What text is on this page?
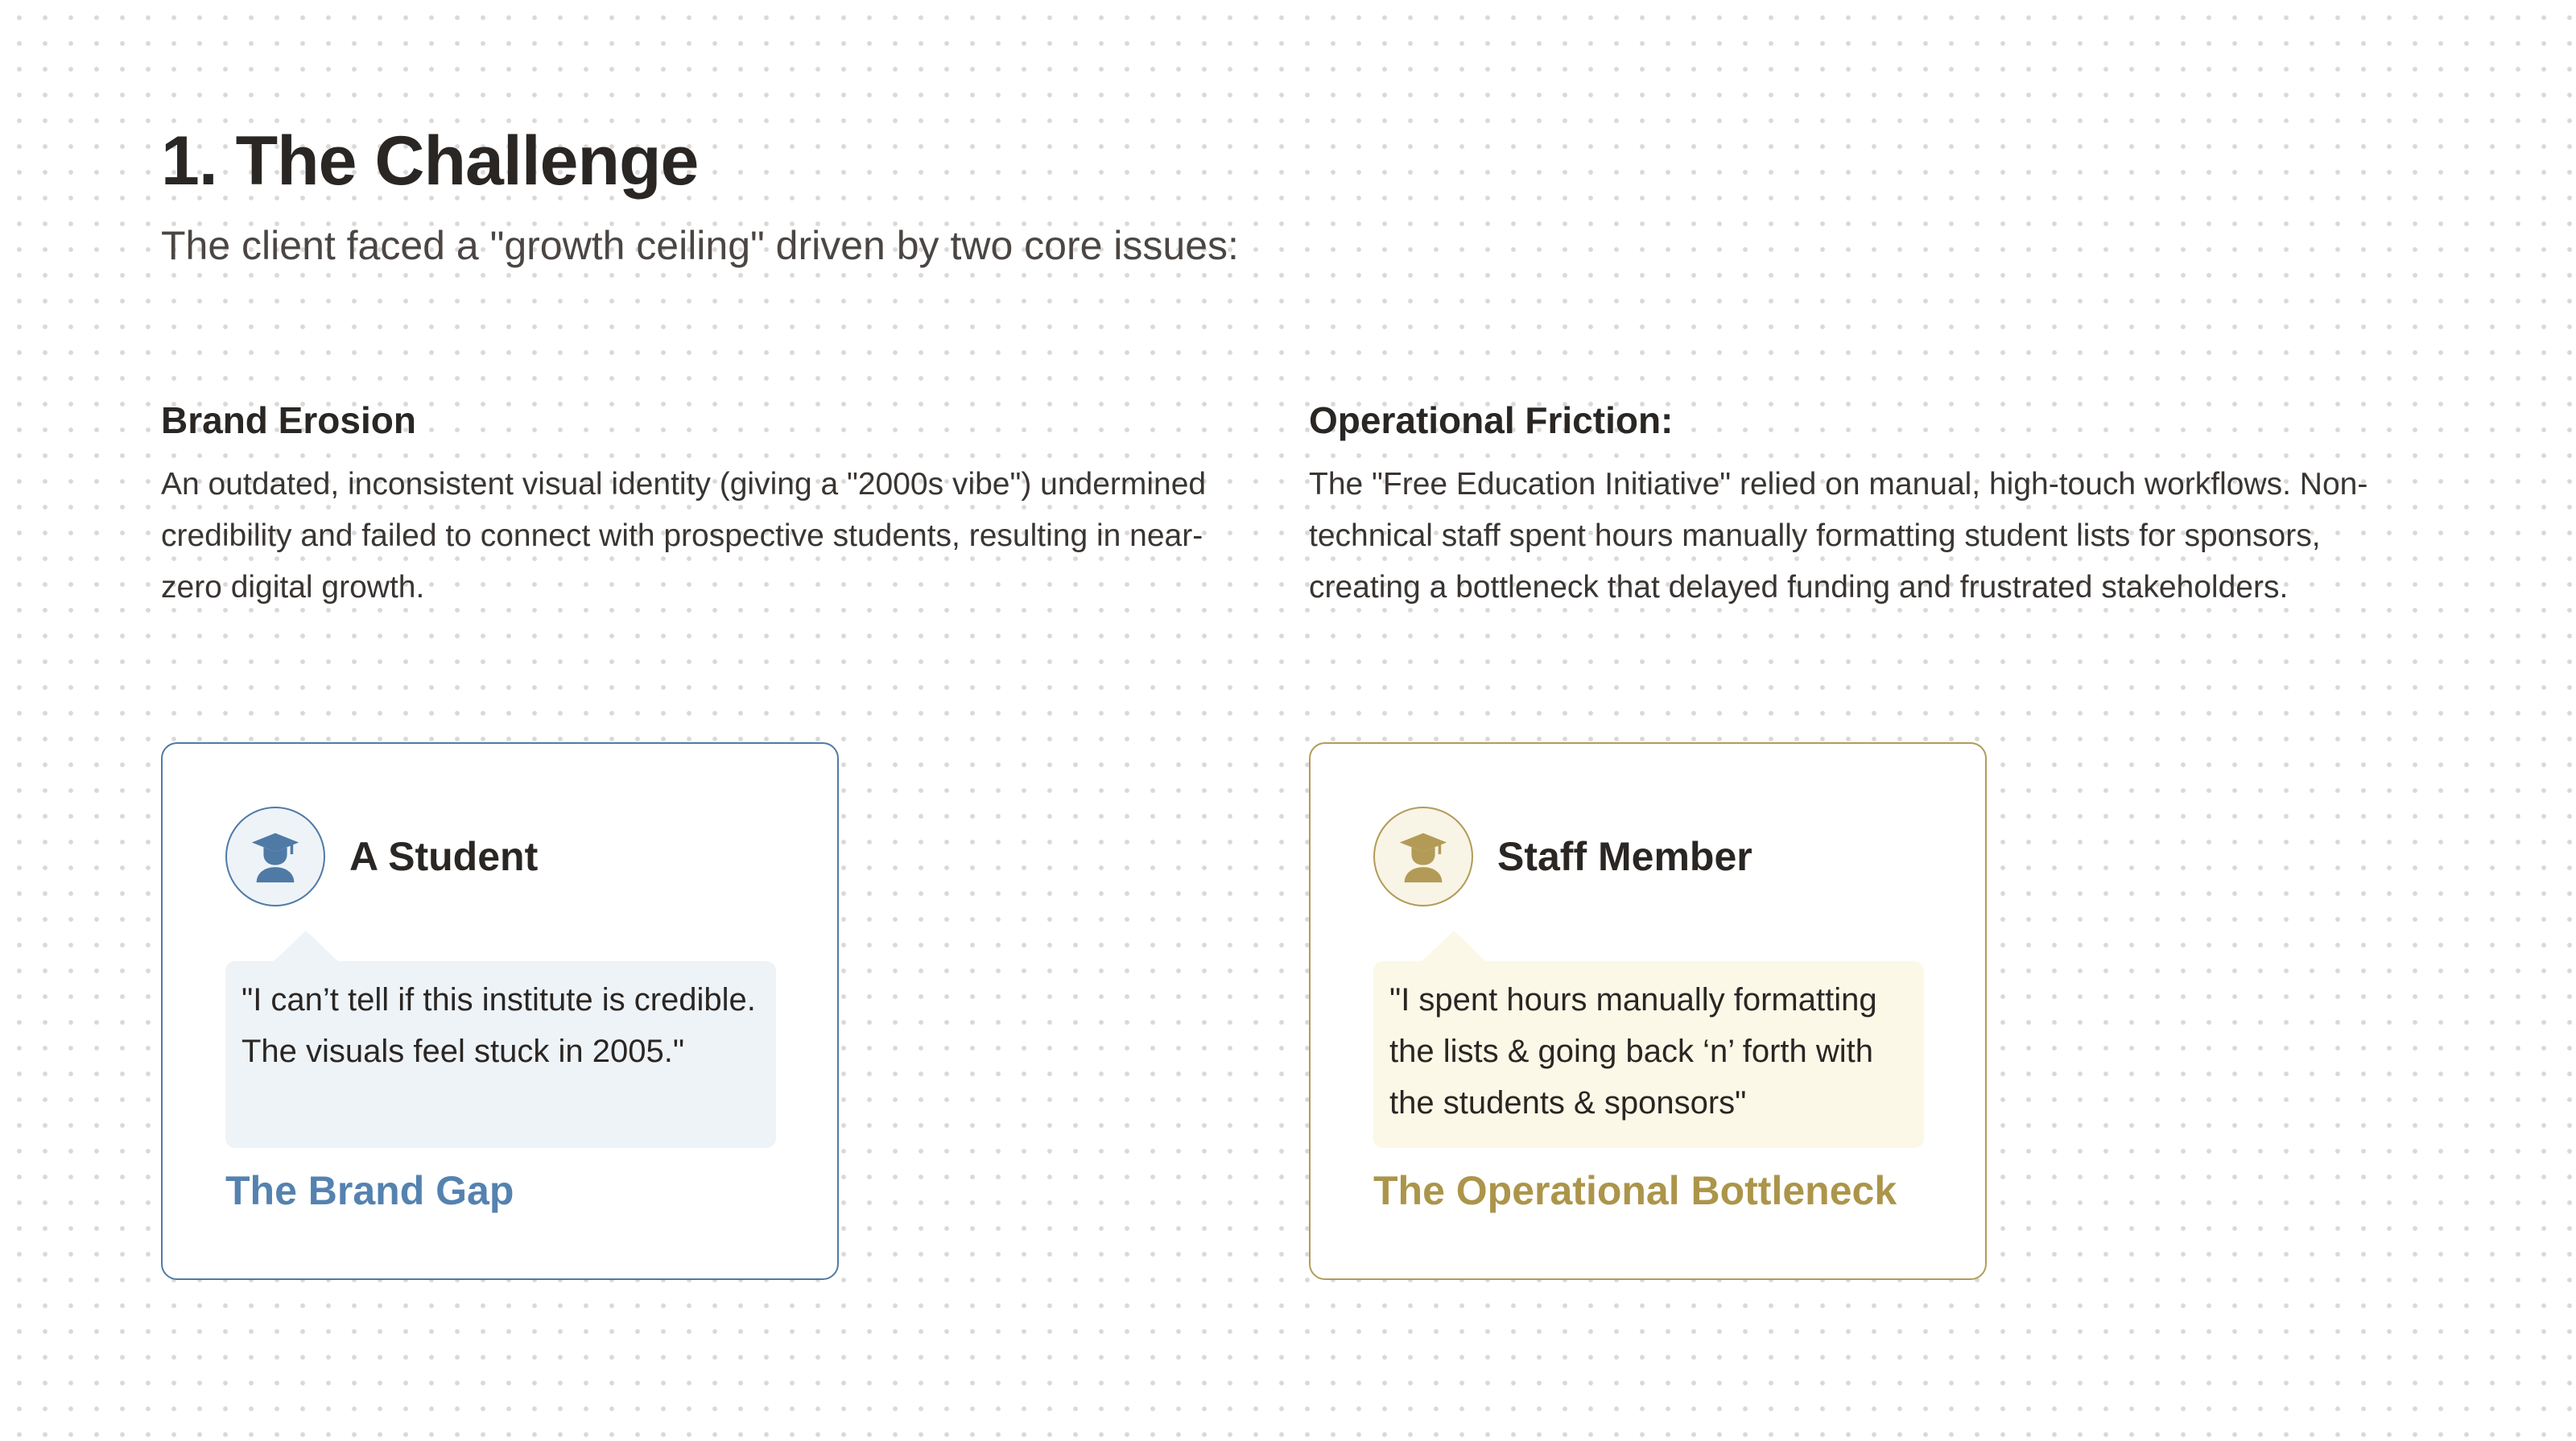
1. The Challenge

The client faced a "growth ceiling" driven by two core issues:

Brand Erosion

An outdated, inconsistent visual identity (giving a "2000s vibe") undermined credibility and failed to connect with prospective students, resulting in near-zero digital growth.

Operational Friction:

The "Free Education Initiative" relied on manual, high-touch workflows. Non-technical staff spent hours manually formatting student lists for sponsors, creating a bottleneck that delayed funding and frustrated stakeholders.

A Student

"I can’t tell if this institute is credible. The visuals feel stuck in 2005."

The Brand Gap

Staff Member

"I spent hours manually formatting the lists & going back ‘n’ forth with the students & sponsors"

The Operational Bottleneck
